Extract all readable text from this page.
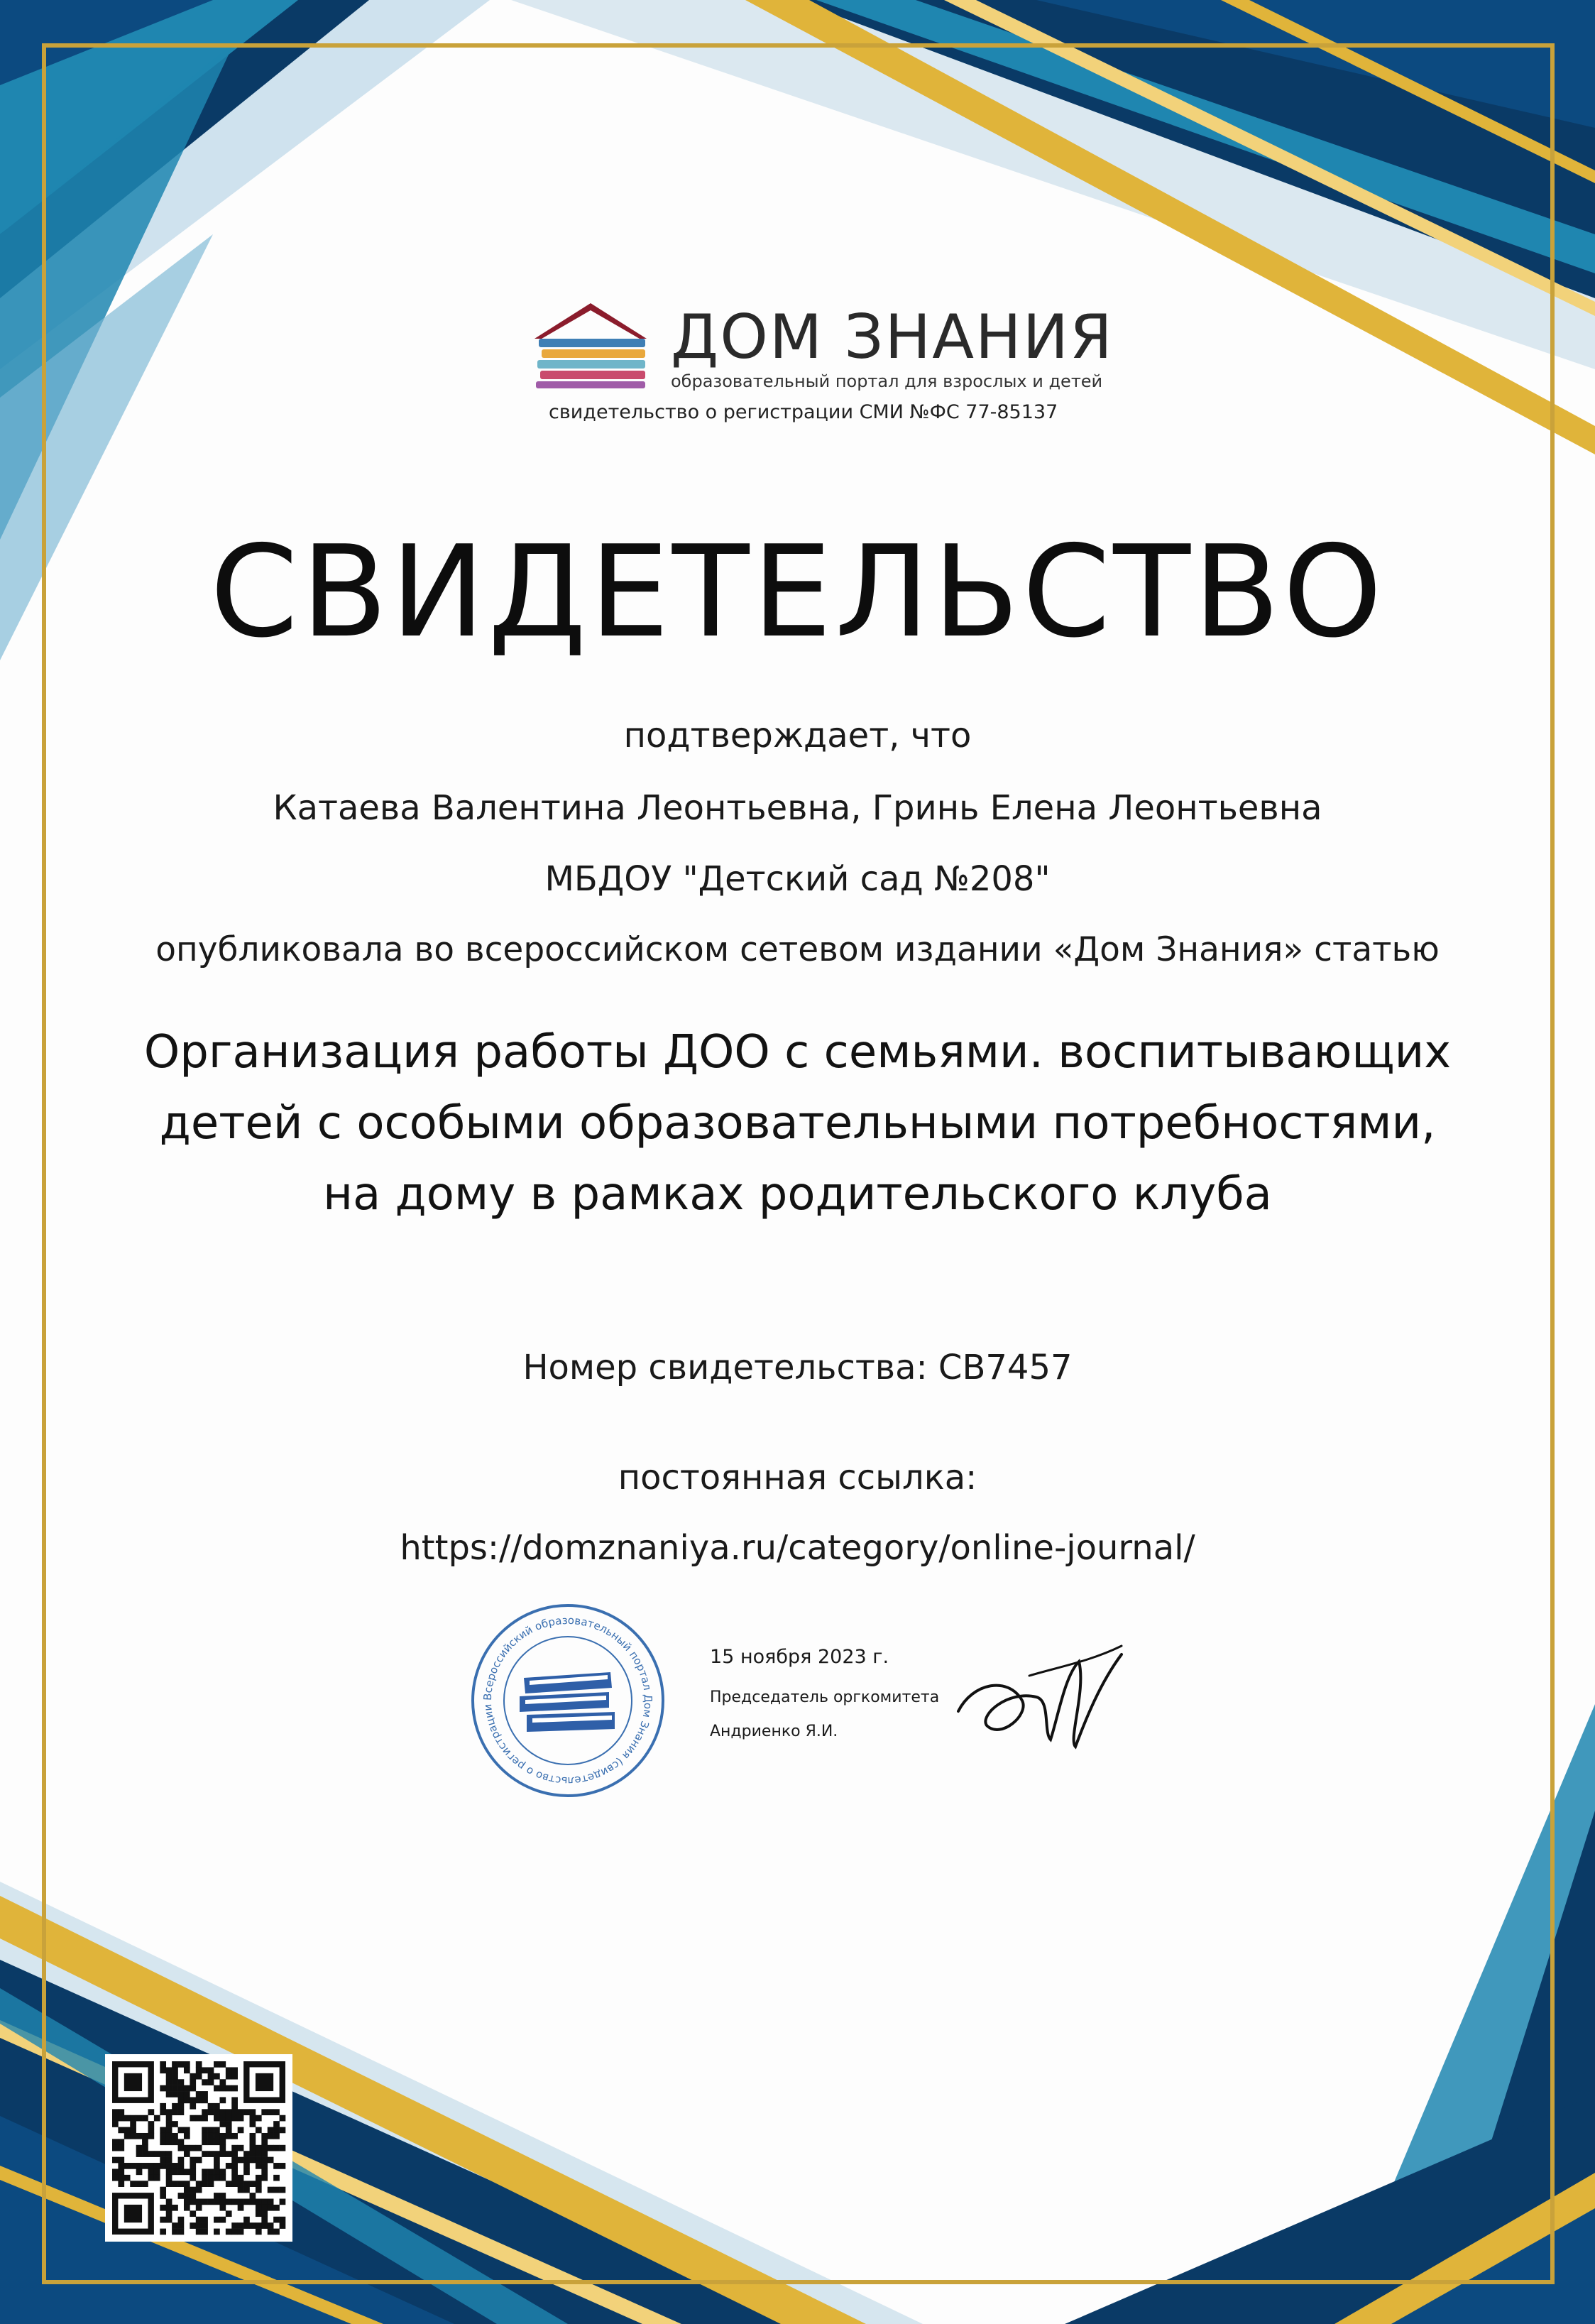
ДОМ ЗНАНИЯ
образовательный портал для взрослых и детей
свидетельство о регистрации СМИ №ФС 77-85137
СВИДЕТЕЛЬСТВО
подтверждает, что
Катаева Валентина Леонтьевна, Гринь Елена Леонтьевна
МБДОУ "Детский сад №208"
опубликовала во всероссийском сетевом издании «Дом Знания» статью
Организация работы ДОО с семьями. воспитывающих детей с особыми образовательными потребностями, на дому в рамках родительского клуба
Номер свидетельства: СВ7457
постоянная ссылка:
https://domznaniya.ru/category/online-journal/
Всероссийский образовательный портал Дом Знания (свидетельство о регистрации
15 ноября 2023 г.
Председатель оргкомитета
Андриенко Я.И.
